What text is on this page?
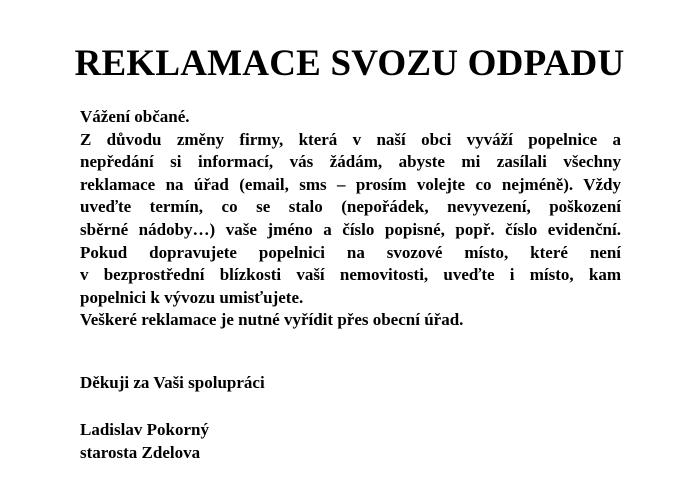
REKLAMACE SVOZU ODPADU
Vážení občané.
Z důvodu změny firmy, která v naší obci vyváží popelnice a
nepředání si informací, vás žádám, abyste mi zasílali všechny
reklamace na úřad (email, sms – prosím volejte co nejméně). Vždy
uveďte termín, co se stalo (nepořádek, nevyvezení, poškození
sběrné nádoby…) vaše jméno a číslo popisné, popř. číslo evidenční.
Pokud dopravujete popelnici na svozové místo, které není
v bezprostřední blízkosti vaší nemovitosti, uveďte i místo, kam
popelnici k vývozu umisťujete.
Veškeré reklamace je nutné vyřídit přes obecní úřad.
Děkuji za Vaši spolupráci
Ladislav Pokorný
starosta Zdelova
